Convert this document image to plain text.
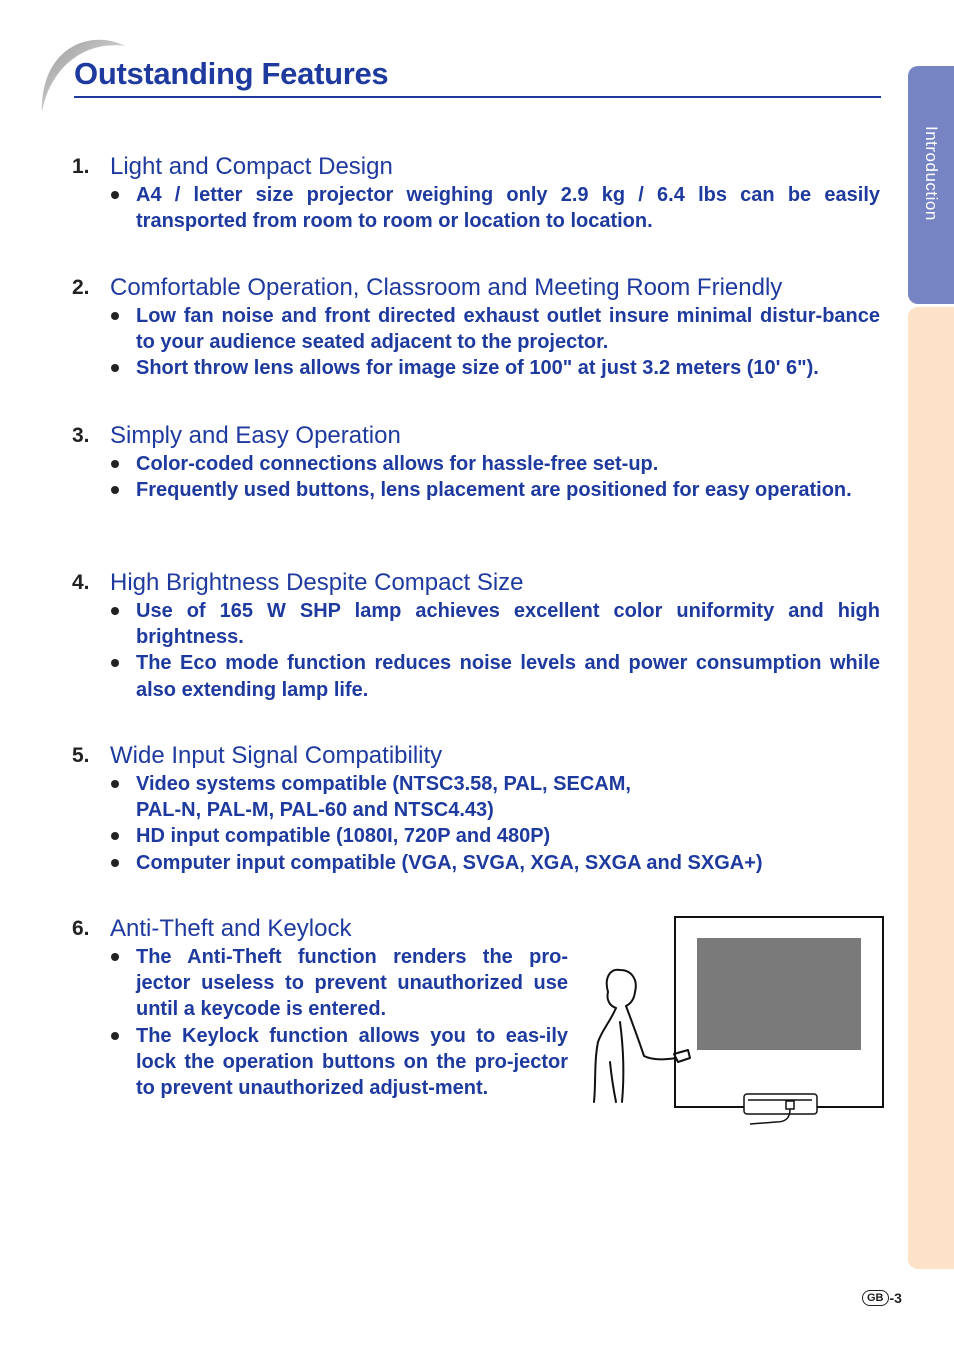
Outstanding Features
Introduction
1. Light and Compact Design
A4 / letter size projector weighing only 2.9 kg / 6.4 lbs can be easily transported from room to room or location to location.
2. Comfortable Operation, Classroom and Meeting Room Friendly
Low fan noise and front directed exhaust outlet insure minimal distur-bance to your audience seated adjacent to the projector.
Short throw lens allows for image size of 100" at just 3.2 meters (10' 6").
3. Simply and Easy Operation
Color-coded connections allows for hassle-free set-up.
Frequently used buttons, lens placement are positioned for easy operation.
4. High Brightness Despite Compact Size
Use of 165 W SHP lamp achieves excellent color uniformity and high brightness.
The Eco mode function reduces noise levels and power consumption while also extending lamp life.
5. Wide Input Signal Compatibility
Video systems compatible (NTSC3.58, PAL, SECAM,
PAL-N, PAL-M, PAL-60 and NTSC4.43)
HD input compatible (1080I, 720P and 480P)
Computer input compatible (VGA, SVGA, XGA, SXGA and SXGA+)
6. Anti-Theft and Keylock
The Anti-Theft function renders the pro-jector useless to prevent unauthorized use until a keycode is entered.
The Keylock function allows you to eas-ily lock the operation buttons on the pro-jector to prevent unauthorized adjust-ment.
GB -3
